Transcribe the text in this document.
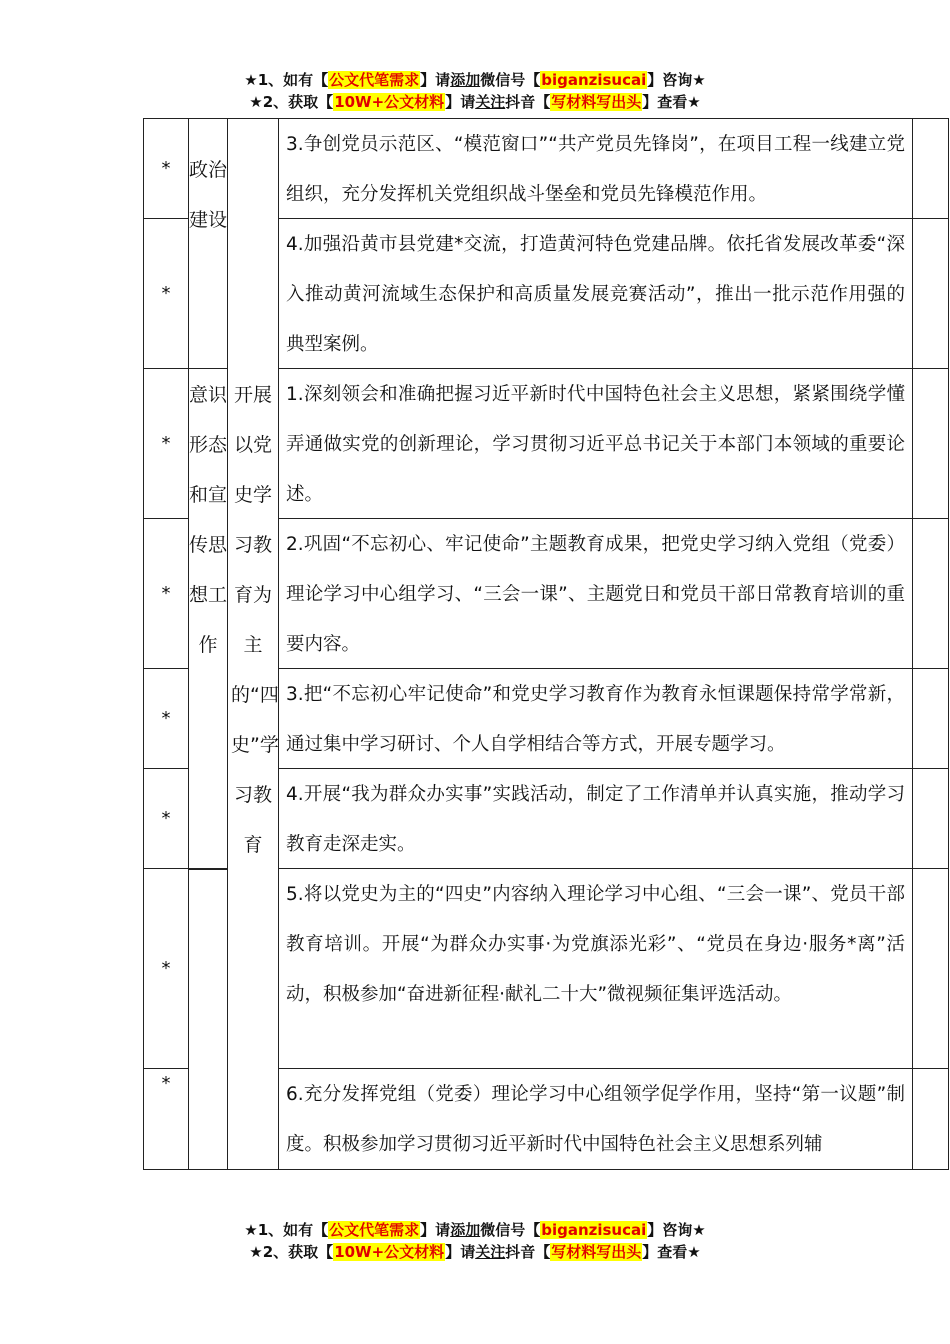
★1、如有【公文代笔需求】请添加微信号【biganzisucai】咨询★
★2、获取【10W+公文材料】请关注抖音【写材料写出头】查看★
*
*
*
*
*
*
*
*
政治建设
意识形态和宣传思想工作
开展以党史学习教育为主的“四史”学习教育
3.争创党员示范区、“模范窗口”“共产党员先锋岗”，在项目工程一线建立党组织，充分发挥机关党组织战斗堡垒和党员先锋模范作用。
4.加强沿黄市县党建*交流，打造黄河特色党建品牌。依托省发展改革委“深入推动黄河流域生态保护和高质量发展竞赛活动”，推出一批示范作用强的典型案例。
1.深刻领会和准确把握习近平新时代中国特色社会主义思想，紧紧围绕学懂弄通做实党的创新理论，学习贯彻习近平总书记关于本部门本领域的重要论述。
2.巩固“不忘初心、牢记使命”主题教育成果，把党史学习纳入党组（党委）理论学习中心组学习、“三会一课”、主题党日和党员干部日常教育培训的重要内容。
3.把“不忘初心牢记使命”和党史学习教育作为教育永恒课题保持常学常新，通过集中学习研讨、个人自学相结合等方式，开展专题学习。
4.开展“我为群众办实事”实践活动，制定了工作清单并认真实施，推动学习教育走深走实。
5.将以党史为主的“四史”内容纳入理论学习中心组、“三会一课”、党员干部教育培训。开展“为群众办实事·为党旗添光彩”、“党员在身边·服务*离”活动，积极参加“奋进新征程·献礼二十大”微视频征集评选活动。
6.充分发挥党组（党委）理论学习中心组领学促学作用，坚持“第一议题”制度。积极参加学习贯彻习近平新时代中国特色社会主义思想系列辅
★1、如有【公文代笔需求】请添加微信号【biganzisucai】咨询★
★2、获取【10W+公文材料】请关注抖音【写材料写出头】查看★
